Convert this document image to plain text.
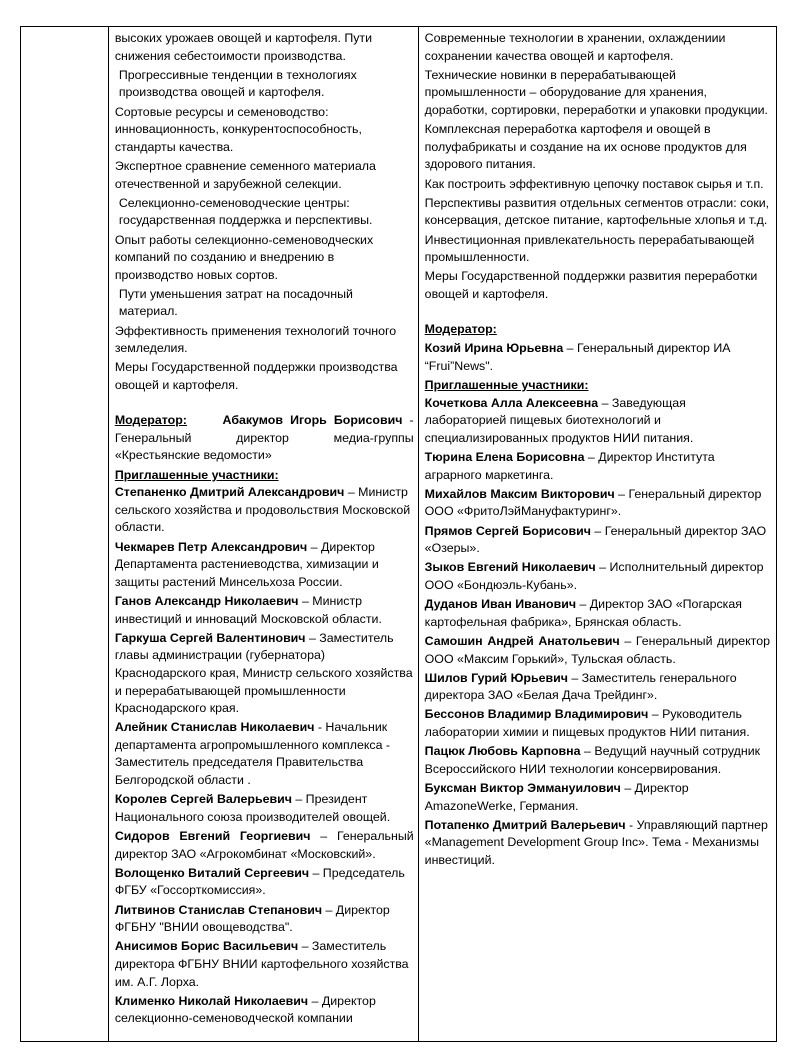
высоких урожаев овощей и картофеля. Пути снижения себестоимости производства.

Прогрессивные тенденции в технологиях производства овощей и картофеля.

Сортовые ресурсы и семеноводство: инновационность, конкурентоспособность, стандарты качества.

Экспертное сравнение семенного материала отечественной и зарубежной селекции.

Селекционно-семеноводческие центры: государственная поддержка и перспективы.

Опыт работы селекционно-семеноводческих компаний по созданию и внедрению в производство новых сортов.

Пути уменьшения затрат на посадочный материал.

Эффективность применения технологий точного земледелия.

Меры Государственной поддержки производства овощей и картофеля.

Модератор:	Абакумов Игорь Борисович - Генеральный директор медиа-группы «Крестьянские ведомости»

Приглашенные участники:

Степаненко Дмитрий Александрович – Министр сельского хозяйства и продовольствия Московской области.

Чекмарев Петр Александрович – Директор Департамента растениеводства, химизации и защиты растений Минсельхоза России.

Ганов Александр Николаевич – Министр инвестиций и инноваций Московской области.

Гаркуша Сергей Валентинович – Заместитель главы администрации (губернатора) Краснодарского края, Министр сельского хозяйства и перерабатывающей промышленности Краснодарского края.

Алейник Станислав Николаевич - Начальник департамента агропромышленного комплекса - Заместитель председателя Правительства Белгородской области .

Королев Сергей Валерьевич – Президент Национального союза производителей овощей.

Сидоров Евгений Георгиевич – Генеральный директор ЗАО «Агрокомбинат «Московский».

Волощенко Виталий Сергеевич – Председатель ФГБУ «Госсорткомиссия».

Литвинов Станислав Степанович – Директор ФГБНУ "ВНИИ овощеводства".

Анисимов Борис Васильевич – Заместитель директора ФГБНУ ВНИИ картофельного хозяйства им. А.Г. Лорха.

Клименко Николай Николаевич – Директор селекционно-семеноводческой компании

Современные технологии в хранении, охлаждениии сохранении качества овощей и картофеля.

Технические новинки в перерабатывающей промышленности – оборудование для хранения, доработки, сортировки, переработки и упаковки продукции.

Комплексная переработка картофеля и овощей в полуфабрикаты и создание на их основе продуктов для здорового питания.

Как построить эффективную цепочку поставок сырья и т.п.

Перспективы развития отдельных сегментов отрасли: соки, консервация, детское питание, картофельные хлопья и т.д.

Инвестиционная привлекательность перерабатывающей промышленности.

Меры Государственной поддержки развития переработки овощей и картофеля.

Модератор:

Козий Ирина Юрьевна – Генеральный директор ИА “Frui”News".

Приглашенные участники:

Кочеткова Алла Алексеевна – Заведующая лабораторией пищевых биотехнологий и специализированных продуктов НИИ питания.

Тюрина Елена Борисовна – Директор Института аграрного маркетинга.

Михайлов Максим Викторович – Генеральный директор ООО «ФритоЛэйМануфактуринг».

Прямов Сергей Борисович – Генеральный директор ЗАО «Озеры».

Зыков Евгений Николаевич – Исполнительный директор ООО «Бондюэль-Кубань».

Дуданов Иван Иванович – Директор ЗАО «Погарская картофельная фабрика», Брянская область.

Самошин Андрей Анатольевич – Генеральный директор ООО «Максим Горький», Тульская область.

Шилов Гурий Юрьевич – Заместитель генерального директора ЗАО «Белая Дача Трейдинг».

Бессонов Владимир Владимирович – Руководитель лаборатории химии и пищевых продуктов НИИ питания.

Пацюк Любовь Карповна – Ведущий научный сотрудник Всероссийского НИИ технологии консервирования.

Буксман Виктор Эммануилович – Директор AmazoneWerke, Германия.

Потапенко Дмитрий Валерьевич - Управляющий партнер «Management Development Group Inc». Тема - Механизмы инвестиций.
